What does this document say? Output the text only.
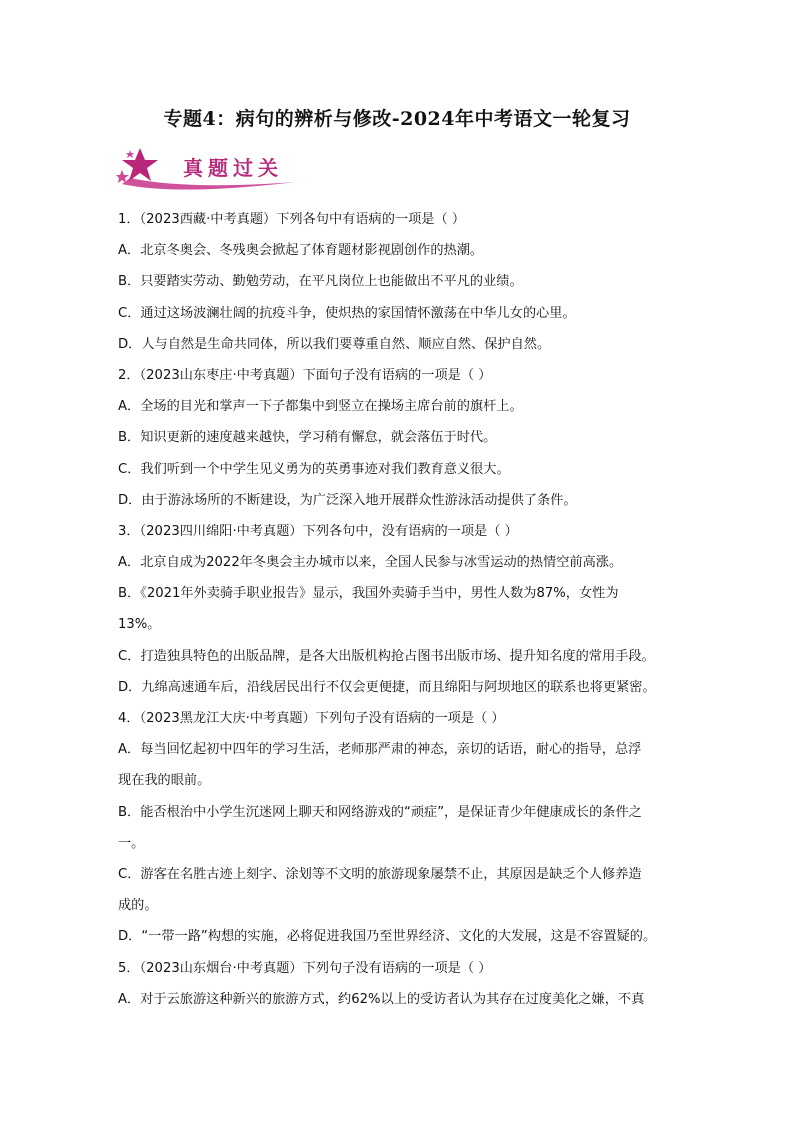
专题4：病句的辨析与修改-2024年中考语文一轮复习
真题过关
1．（2023西藏·中考真题）下列各句中有语病的一项是（ ）
A．北京冬奥会、冬残奥会掀起了体育题材影视剧创作的热潮。
B．只要踏实劳动、勤勉劳动，在平凡岗位上也能做出不平凡的业绩。
C．通过这场波澜壮阔的抗疫斗争，使炽热的家国情怀激荡在中华儿女的心里。
D．人与自然是生命共同体，所以我们要尊重自然、顺应自然、保护自然。
2．（2023山东枣庄·中考真题）下面句子没有语病的一项是（ ）
A．全场的目光和掌声一下子都集中到竖立在操场主席台前的旗杆上。
B．知识更新的速度越来越快，学习稍有懈怠，就会落伍于时代。
C．我们听到一个中学生见义勇为的英勇事迹对我们教育意义很大。
D．由于游泳场所的不断建设，为广泛深入地开展群众性游泳活动提供了条件。
3．（2023四川绵阳·中考真题）下列各句中，没有语病的一项是（ ）
A．北京自成为2022年冬奥会主办城市以来，全国人民参与冰雪运动的热情空前高涨。
B．《2021年外卖骑手职业报告》显示，我国外卖骑手当中，男性人数为87%，女性为
13%。
C．打造独具特色的出版品牌，是各大出版机构抢占图书出版市场、提升知名度的常用手段。
D．九绵高速通车后，沿线居民出行不仅会更便捷，而且绵阳与阿坝地区的联系也将更紧密。
4．（2023黑龙江大庆·中考真题）下列句子没有语病的一项是（ ）
A．每当回忆起初中四年的学习生活，老师那严肃的神态，亲切的话语，耐心的指导，总浮
现在我的眼前。
B．能否根治中小学生沉迷网上聊天和网络游戏的“顽症”，是保证青少年健康成长的条件之
一。
C．游客在名胜古迹上刻字、涂划等不文明的旅游现象屡禁不止，其原因是缺乏个人修养造
成的。
D．“一带一路”构想的实施，必将促进我国乃至世界经济、文化的大发展，这是不容置疑的。
5．（2023山东烟台·中考真题）下列句子没有语病的一项是（ ）
A．对于云旅游这种新兴的旅游方式，约62%以上的受访者认为其存在过度美化之嫌，不真
